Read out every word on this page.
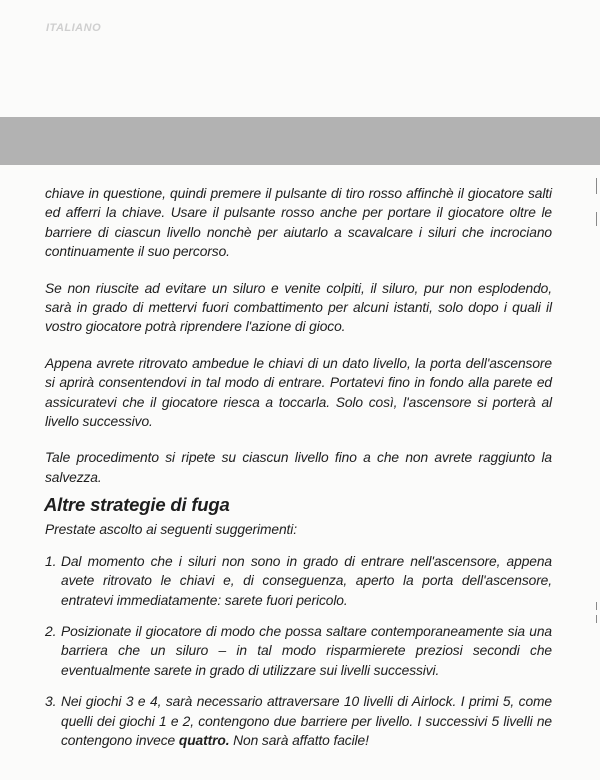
ITALIANO

chiave in questione, quindi premere il pulsante di tiro rosso affinchè il giocatore salti ed afferri la chiave. Usare il pulsante rosso anche per portare il giocatore oltre le barriere di ciascun livello nonchè per aiutarlo a scavalcare i siluri che incrociano continuamente il suo percorso.

Se non riuscite ad evitare un siluro e venite colpiti, il siluro, pur non esplodendo, sarà in grado di mettervi fuori combattimento per alcuni istanti, solo dopo i quali il vostro giocatore potrà riprendere l'azione di gioco.

Appena avrete ritrovato ambedue le chiavi di un dato livello, la porta dell'ascensore si aprirà consentendovi in tal modo di entrare. Portatevi fino in fondo alla parete ed assicuratevi che il giocatore riesca a toccarla. Solo così, l'ascensore si porterà al livello successivo.

Tale procedimento si ripete su ciascun livello fino a che non avrete raggiunto la salvezza.

Altre strategie di fuga

Prestate ascolto ai seguenti suggerimenti:

1. Dal momento che i siluri non sono in grado di entrare nell'ascensore, appena avete ritrovato le chiavi e, di conseguenza, aperto la porta dell'ascensore, entratevi immediatamente: sarete fuori pericolo.
2. Posizionate il giocatore di modo che possa saltare contemporaneamente sia una barriera che un siluro – in tal modo risparmierete preziosi secondi che eventualmente sarete in grado di utilizzare sui livelli successivi.
3. Nei giochi 3 e 4, sarà necessario attraversare 10 livelli di Airlock. I primi 5, come quelli dei giochi 1 e 2, contengono due barriere per livello. I successivi 5 livelli ne contengono invece quattro. Non sarà affatto facile!
